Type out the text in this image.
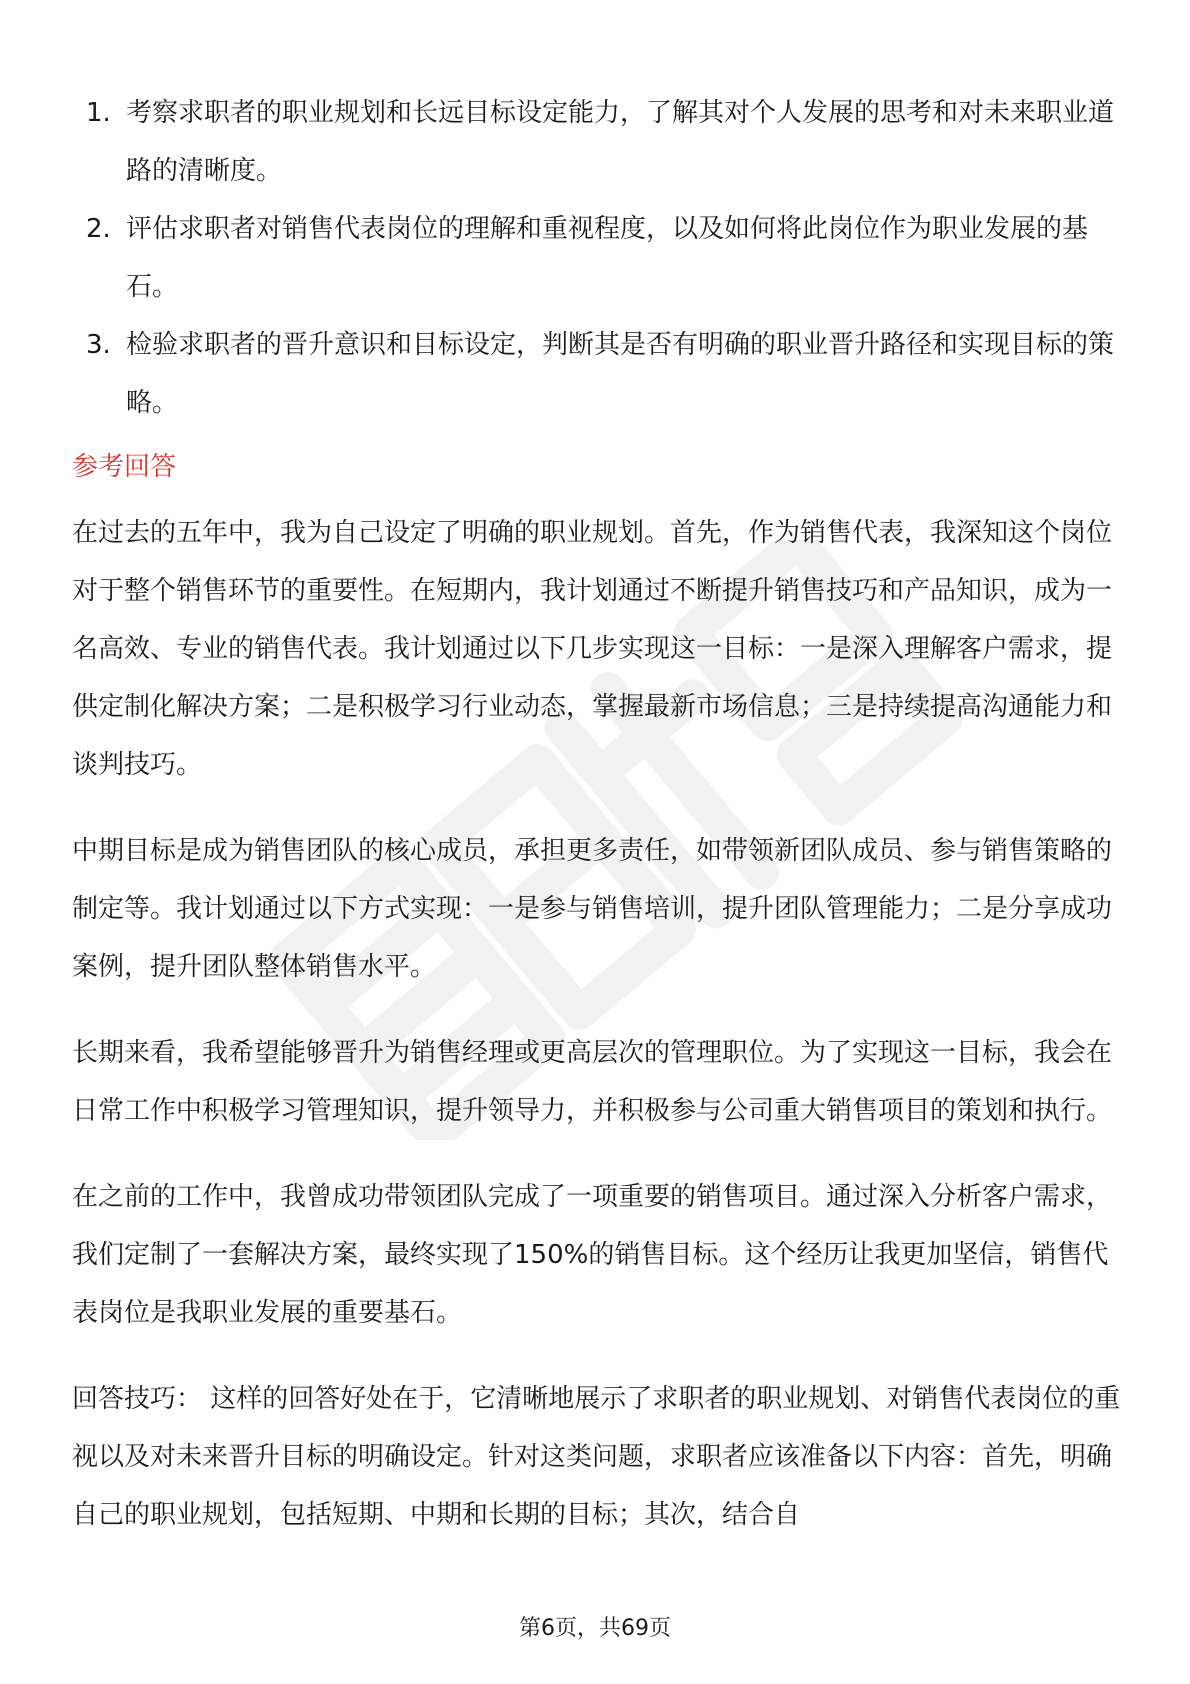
1. 考察求职者的职业规划和长远目标设定能力，了解其对个人发展的思考和对未来职业道路的清晰度。
2. 评估求职者对销售代表岗位的理解和重视程度，以及如何将此岗位作为职业发展的基石。
3. 检验求职者的晋升意识和目标设定，判断其是否有明确的职业晋升路径和实现目标的策略。
参考回答

在过去的五年中，我为自己设定了明确的职业规划。首先，作为销售代表，我深知这个岗位对于整个销售环节的重要性。在短期内，我计划通过不断提升销售技巧和产品知识，成为一名高效、专业的销售代表。我计划通过以下几步实现这一目标：一是深入理解客户需求，提供定制化解决方案；二是积极学习行业动态，掌握最新市场信息；三是持续提高沟通能力和谈判技巧。

中期目标是成为销售团队的核心成员，承担更多责任，如带领新团队成员、参与销售策略的制定等。我计划通过以下方式实现：一是参与销售培训，提升团队管理能力；二是分享成功案例，提升团队整体销售水平。

长期来看，我希望能够晋升为销售经理或更高层次的管理职位。为了实现这一目标，我会在日常工作中积极学习管理知识，提升领导力，并积极参与公司重大销售项目的策划和执行。

在之前的工作中，我曾成功带领团队完成了一项重要的销售项目。通过深入分析客户需求，我们定制了一套解决方案，最终实现了150%的销售目标。这个经历让我更加坚信，销售代表岗位是我职业发展的重要基石。

回答技巧： 这样的回答好处在于，它清晰地展示了求职者的职业规划、对销售代表岗位的重视以及对未来晋升目标的明确设定。针对这类问题，求职者应该准备以下内容：首先，明确自己的职业规划，包括短期、中期和长期的目标；其次，结合自

第6页，共69页
